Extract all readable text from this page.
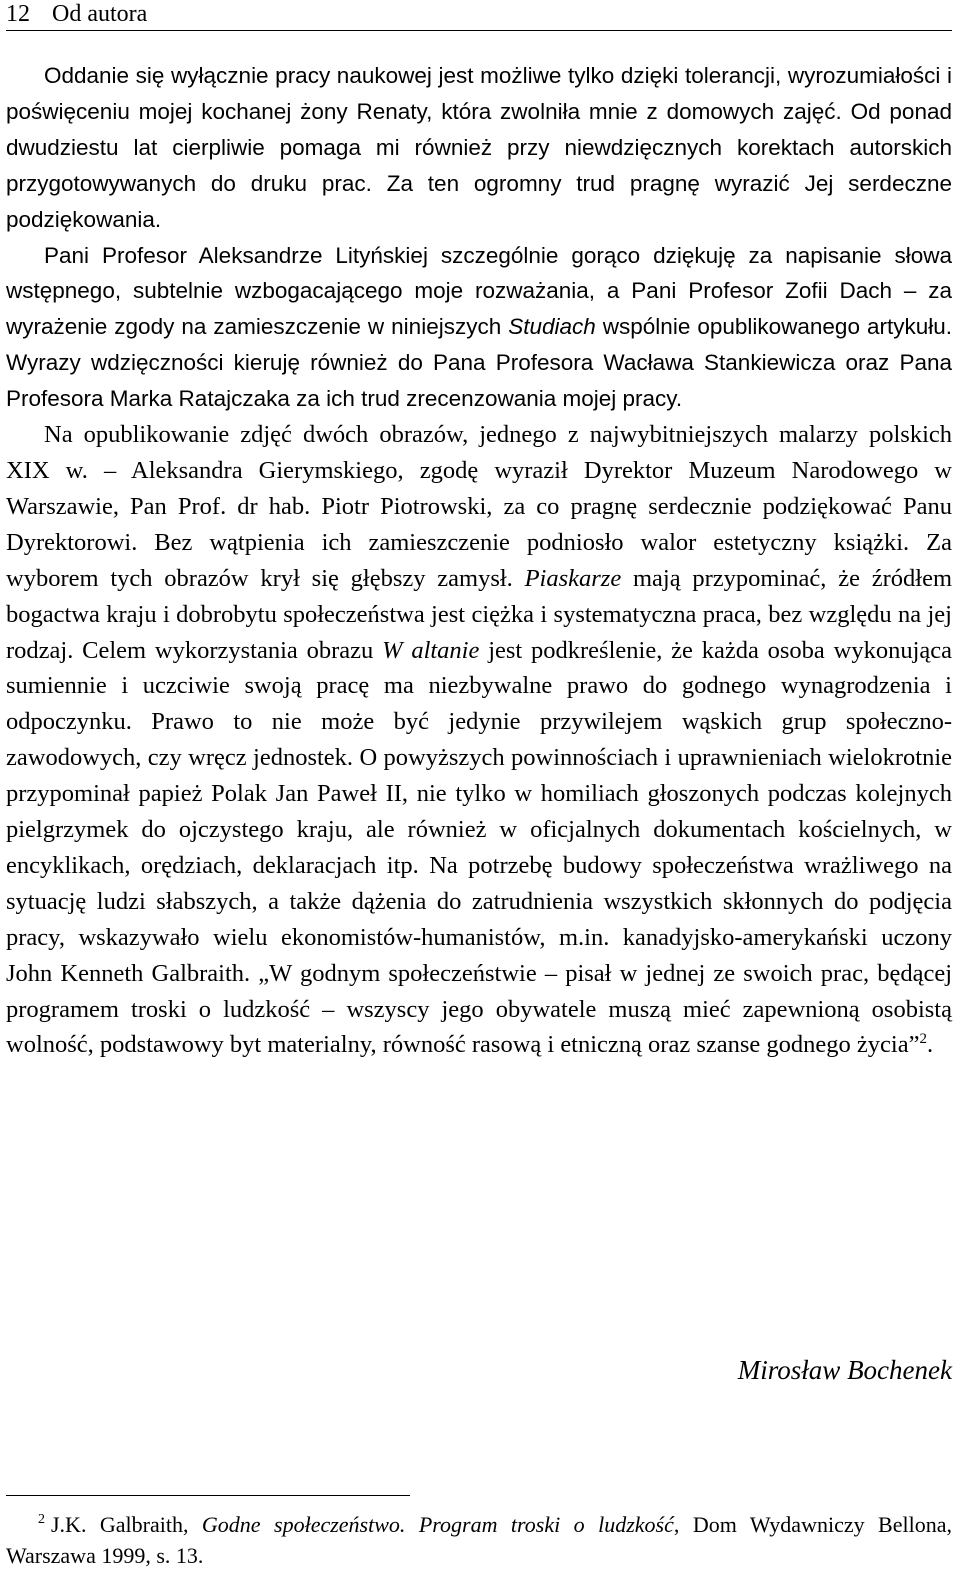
12 Od autora

Oddanie się wyłącznie pracy naukowej jest możliwe tylko dzięki tolerancji, wyrozumiałości i poświęceniu mojej kochanej żony Renaty, która zwolniła mnie z domowych zajęć. Od ponad dwudziestu lat cierpliwie pomaga mi również przy niewdzięcznych korektach autorskich przygotowywanych do druku prac. Za ten ogromny trud pragnę wyrazić Jej serdeczne podziękowania.

Pani Profesor Aleksandrze Lityńskiej szczególnie gorąco dziękuję za napisanie słowa wstępnego, subtelnie wzbogacającego moje rozważania, a Pani Profesor Zofii Dach – za wyrażenie zgody na zamieszczenie w niniejszych Studiach wspólnie opublikowanego artykułu. Wyrazy wdzięczności kieruję również do Pana Profesora Wacława Stankiewicza oraz Pana Profesora Marka Ratajczaka za ich trud zrecenzowania mojej pracy.

Na opublikowanie zdjęć dwóch obrazów, jednego z najwybitniejszych malarzy polskich XIX w. – Aleksandra Gierymskiego, zgodę wyraził Dyrektor Muzeum Narodowego w Warszawie, Pan Prof. dr hab. Piotr Piotrowski, za co pragnę serdecznie podziękować Panu Dyrektorowi. Bez wątpienia ich zamieszczenie podniosło walor estetyczny książki. Za wyborem tych obrazów krył się głębszy zamysł. Piaskarze mają przypominać, że źródłem bogactwa kraju i dobrobytu społeczeństwa jest ciężka i systematyczna praca, bez względu na jej rodzaj. Celem wykorzystania obrazu W altanie jest podkreślenie, że każda osoba wykonująca sumiennie i uczciwie swoją pracę ma niezbywalne prawo do godnego wynagrodzenia i odpoczynku. Prawo to nie może być jedynie przywilejem wąskich grup społeczno-zawodowych, czy wręcz jednostek. O powyższych powinnościach i uprawnieniach wielokrotnie przypominał papież Polak Jan Paweł II, nie tylko w homiliach głoszonych podczas kolejnych pielgrzymek do ojczystego kraju, ale również w oficjalnych dokumentach kościelnych, w encyklikach, orędziach, deklaracjach itp. Na potrzebę budowy społeczeństwa wrażliwego na sytuację ludzi słabszych, a także dążenia do zatrudnienia wszystkich skłonnych do podjęcia pracy, wskazywało wielu ekonomistów-humanistów, m.in. kanadyjsko-amerykański uczony John Kenneth Galbraith. „W godnym społeczeństwie – pisał w jednej ze swoich prac, będącej programem troski o ludzkość – wszyscy jego obywatele muszą mieć zapewnioną osobistą wolność, podstawowy byt materialny, równość rasową i etniczną oraz szanse godnego życia”$^2$.

Mirosław Bochenek
$^2$ J.K. Galbraith, Godne społeczeństwo. Program troski o ludzkość, Dom Wydawniczy Bellona, Warszawa 1999, s. 13.
